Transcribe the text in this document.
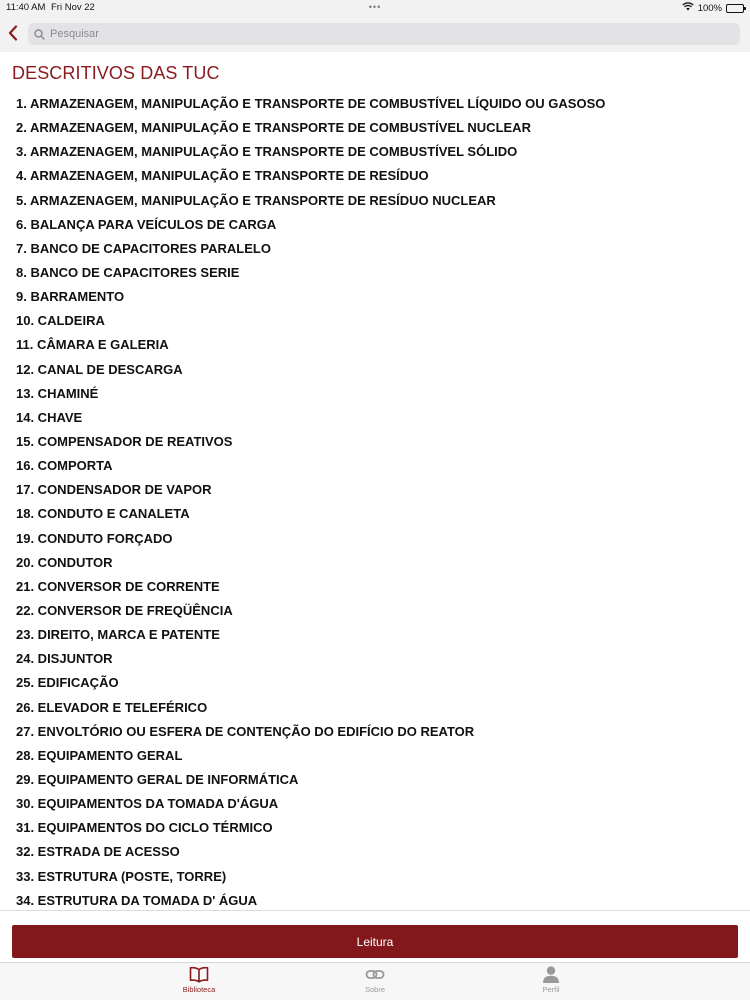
11:40 AM Fri Nov 22	•••	100%
Pesquisar
DESCRITIVOS DAS TUC
1. ARMAZENAGEM, MANIPULAÇÃO E TRANSPORTE DE COMBUSTÍVEL LÍQUIDO OU GASOSO
2. ARMAZENAGEM, MANIPULAÇÃO E TRANSPORTE DE COMBUSTÍVEL NUCLEAR
3. ARMAZENAGEM, MANIPULAÇÃO E TRANSPORTE DE COMBUSTÍVEL SÓLIDO
4. ARMAZENAGEM, MANIPULAÇÃO E TRANSPORTE DE RESÍDUO
5. ARMAZENAGEM, MANIPULAÇÃO E TRANSPORTE DE RESÍDUO NUCLEAR
6. BALANÇA PARA VEÍCULOS DE CARGA
7. BANCO DE CAPACITORES PARALELO
8. BANCO DE CAPACITORES SERIE
9. BARRAMENTO
10. CALDEIRA
11. CÂMARA E GALERIA
12. CANAL DE DESCARGA
13. CHAMINÉ
14. CHAVE
15. COMPENSADOR DE REATIVOS
16. COMPORTA
17. CONDENSADOR DE VAPOR
18. CONDUTO E CANALETA
19. CONDUTO FORÇADO
20. CONDUTOR
21. CONVERSOR DE CORRENTE
22. CONVERSOR DE FREQÜÊNCIA
23. DIREITO, MARCA E PATENTE
24. DISJUNTOR
25. EDIFICAÇÃO
26. ELEVADOR E TELEFÉRICO
27. ENVOLTÓRIO OU ESFERA DE CONTENÇÃO DO EDIFÍCIO DO REATOR
28. EQUIPAMENTO GERAL
29. EQUIPAMENTO GERAL DE INFORMÁTICA
30. EQUIPAMENTOS DA TOMADA D'ÁGUA
31. EQUIPAMENTOS DO CICLO TÉRMICO
32. ESTRADA DE ACESSO
33. ESTRUTURA (POSTE, TORRE)
34. ESTRUTURA DA TOMADA D' ÁGUA
Leitura
Biblioteca	Sobre	Perfil
